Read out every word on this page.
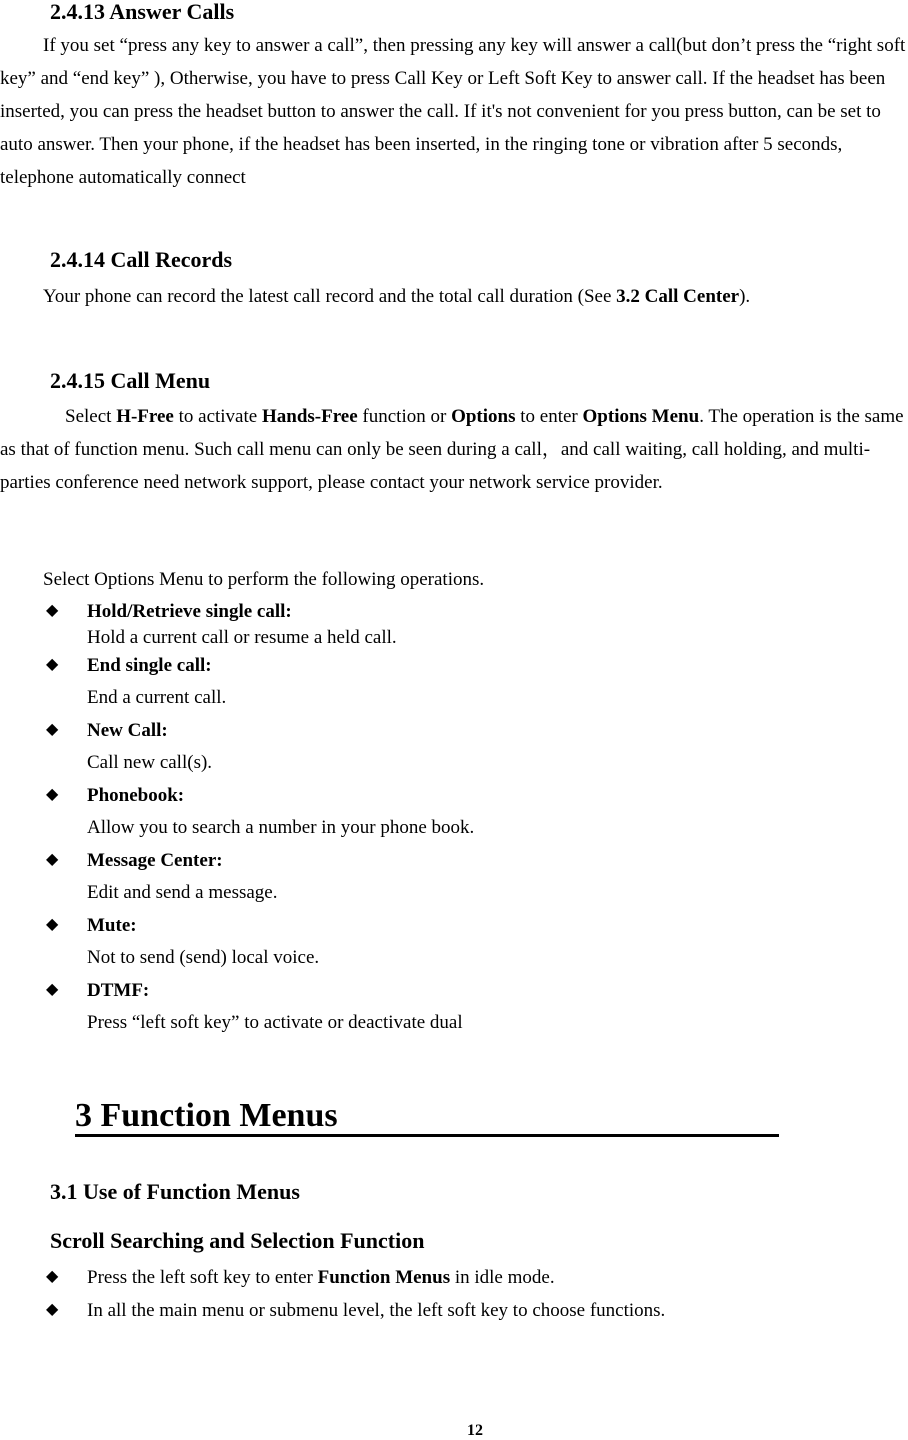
2.4.13 Answer Calls
If you set “press any key to answer a call”, then pressing any key will answer a call(but don’t press the “right soft key” and “end key” ), Otherwise, you have to press Call Key or Left Soft Key to answer call. If the headset has been inserted, you can press the headset button to answer the call. If it's not convenient for you press button, can be set to auto answer. Then your phone, if the headset has been inserted, in the ringing tone or vibration after 5 seconds, telephone automatically connect
2.4.14 Call Records
Your phone can record the latest call record and the total call duration (See 3.2 Call Center).
2.4.15 Call Menu
Select H-Free to activate Hands-Free function or Options to enter Options Menu. The operation is the same as that of function menu. Such call menu can only be seen during a call，and call waiting, call holding, and multi-parties conference need network support, please contact your network service provider.
Select Options Menu to perform the following operations.
◆ Hold/Retrieve single call:
Hold a current call or resume a held call.
◆ End single call:
End a current call.
◆ New Call:
Call new call(s).
◆ Phonebook:
Allow you to search a number in your phone book.
◆ Message Center:
Edit and send a message.
◆ Mute:
Not to send (send) local voice.
◆ DTMF:
Press “left soft key” to activate or deactivate dual
3 Function Menus
3.1 Use of Function Menus
Scroll Searching and Selection Function
◆ Press the left soft key to enter Function Menus in idle mode.
◆ In all the main menu or submenu level, the left soft key to choose functions.
12
